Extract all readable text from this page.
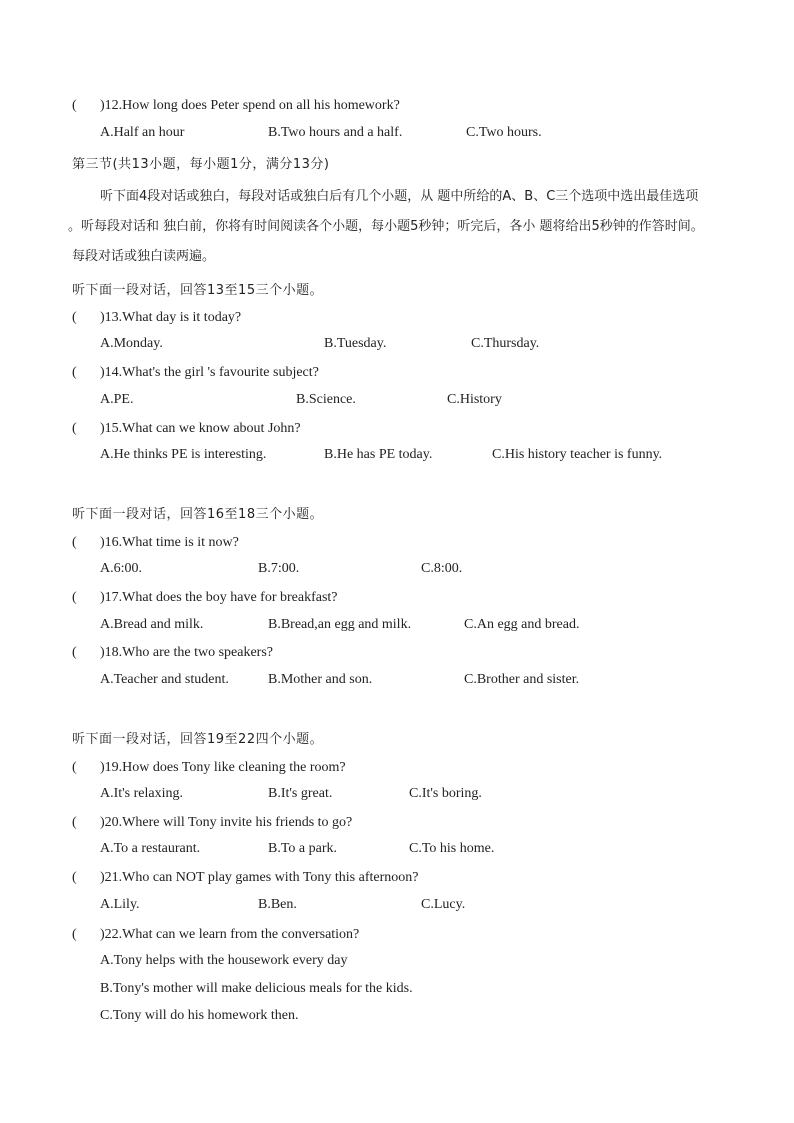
( )12.How long does Peter spend on all his homework?
A.Half an hour	B.Two hours and a half.	C.Two hours.
第三节(共13小题，每小题1分，满分13分)
听下面4段对话或独白，每段对话或独白后有几个小题，从 题中所给的A、B、C三个选项中选出最佳选项
。听每段对话和 独白前，你将有时间阅读各个小题，每小题5秒钟；听完后，各小 题将给出5秒钟的作答时间。
每段对话或独白读两遍。
听下面一段对话，回答13至15三个小题。
( )13.What day is it today?
A.Monday.	B.Tuesday.	C.Thursday.
( )14.What's the girl 's favourite subject?
A.PE.	B.Science.	C.History
( )15.What can we know about John?
A.He thinks PE is interesting.	B.He has PE today.	C.His history teacher is funny.
听下面一段对话，回答16至18三个小题。
( )16.What time is it now?
A.6:00.	B.7:00.	C.8:00.
( )17.What does the boy have for breakfast?
A.Bread and milk.	B.Bread,an egg and milk.	C.An egg and bread.
( )18.Who are the two speakers?
A.Teacher and student.	B.Mother and son.	C.Brother and sister.
听下面一段对话，回答19至22四个小题。
( )19.How does Tony like cleaning the room?
A.It's relaxing.	B.It's great.	C.It's boring.
( )20.Where will Tony invite his friends to go?
A.To a restaurant.	B.To a park.	C.To his home.
( )21.Who can NOT play games with Tony this afternoon?
A.Lily.	B.Ben.	C.Lucy.
( )22.What can we learn from the conversation?
A.Tony helps with the housework every day
B.Tony's mother will make delicious meals for the kids.
C.Tony will do his homework then.
